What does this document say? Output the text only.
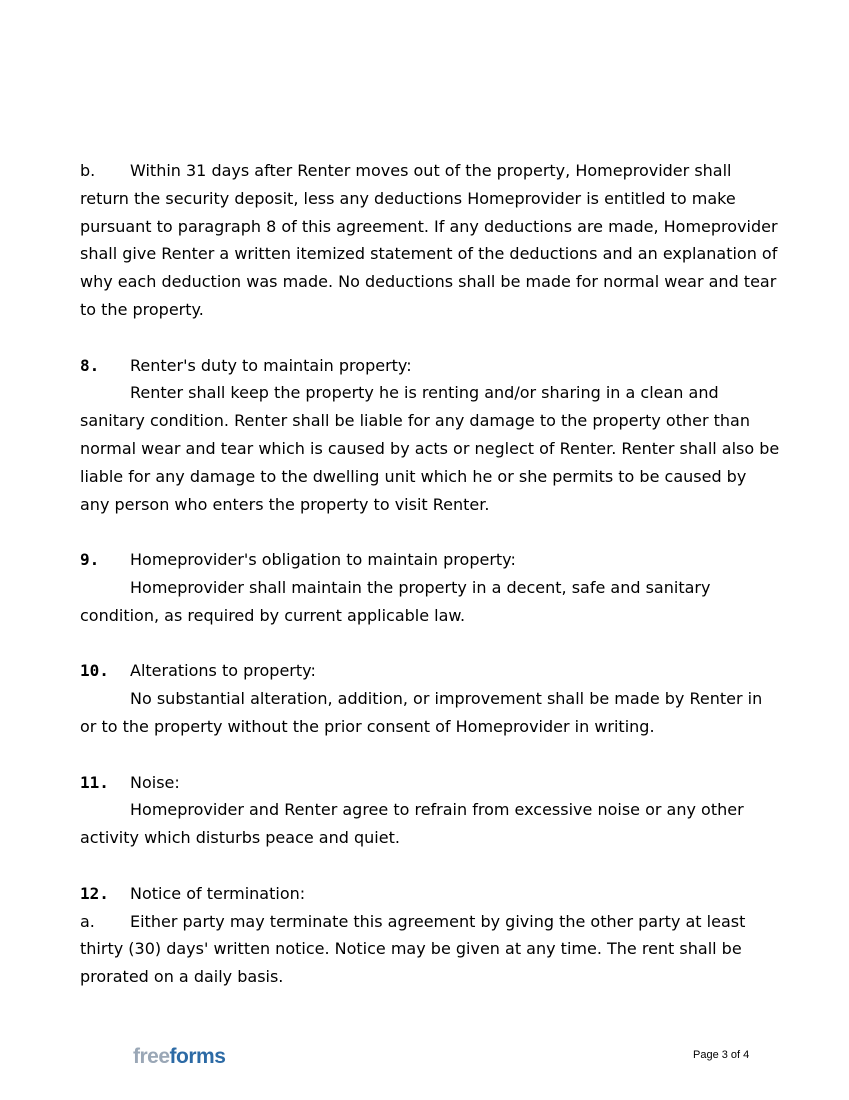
b. Within 31 days after Renter moves out of the property, Homeprovider shall return the security deposit, less any deductions Homeprovider is entitled to make pursuant to paragraph 8 of this agreement. If any deductions are made, Homeprovider shall give Renter a written itemized statement of the deductions and an explanation of why each deduction was made. No deductions shall be made for normal wear and tear to the property.

8. Renter's duty to maintain property:

Renter shall keep the property he is renting and/or sharing in a clean and sanitary condition. Renter shall be liable for any damage to the property other than normal wear and tear which is caused by acts or neglect of Renter. Renter shall also be liable for any damage to the dwelling unit which he or she permits to be caused by any person who enters the property to visit Renter.

9. Homeprovider's obligation to maintain property:

Homeprovider shall maintain the property in a decent, safe and sanitary condition, as required by current applicable law.

10. Alterations to property:

No substantial alteration, addition, or improvement shall be made by Renter in or to the property without the prior consent of Homeprovider in writing.

11. Noise:

Homeprovider and Renter agree to refrain from excessive noise or any other activity which disturbs peace and quiet.

12. Notice of termination:

a. Either party may terminate this agreement by giving the other party at least thirty (30) days' written notice. Notice may be given at any time. The rent shall be prorated on a daily basis.

freeforms	Page 3 of 4
